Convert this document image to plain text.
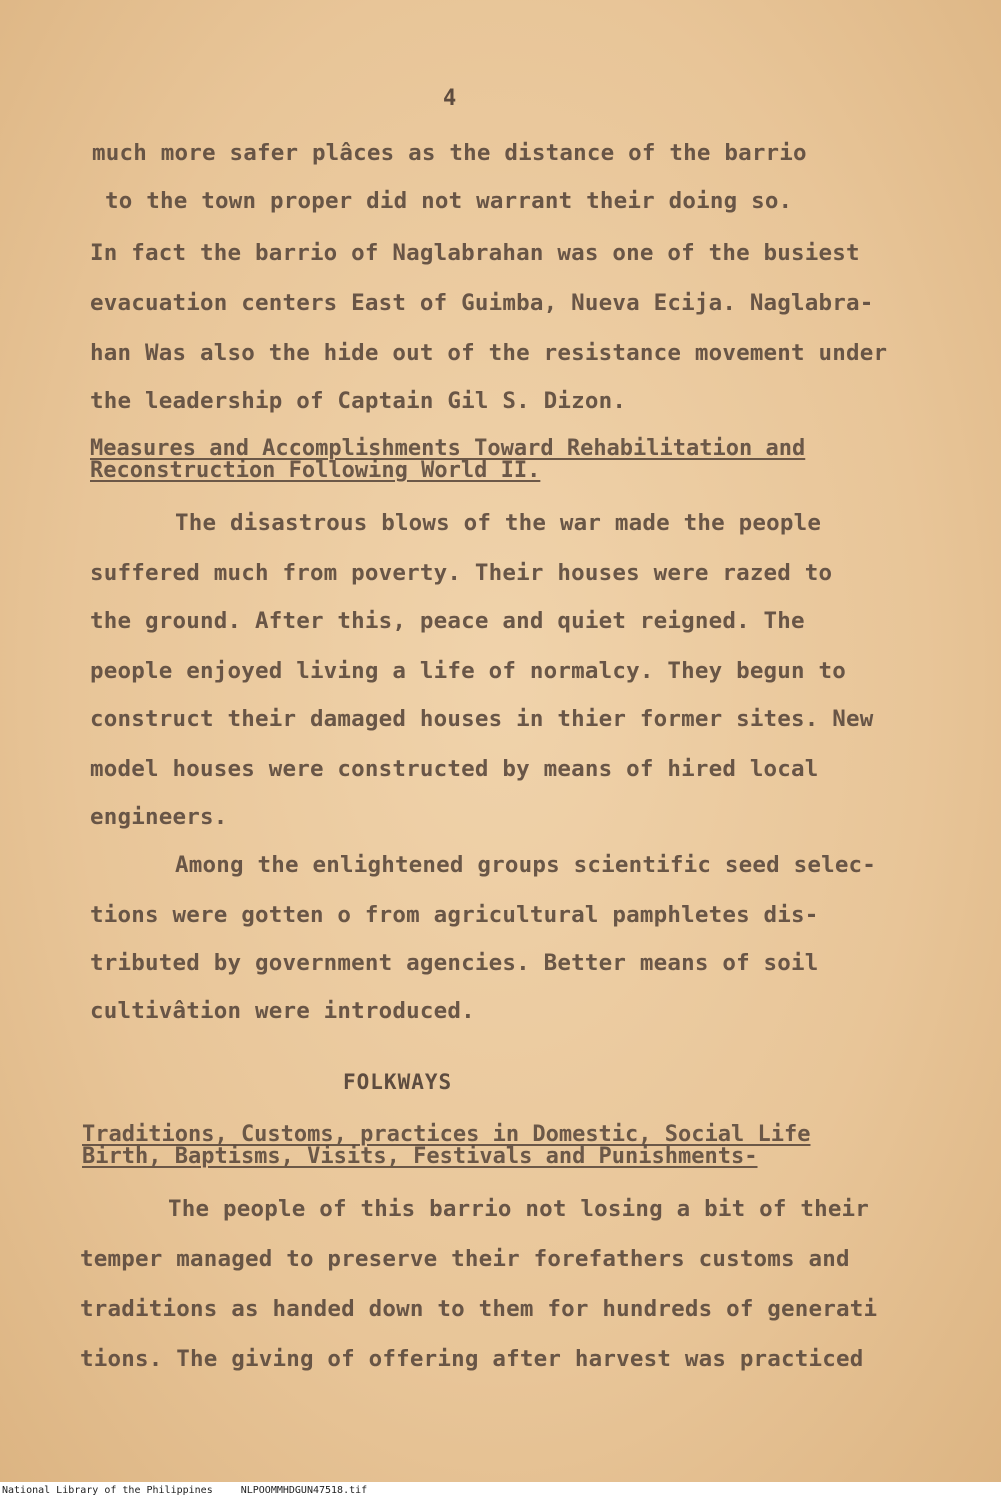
4
much more safer plâces as the distance of the barrio
to the town proper did not warrant their doing so.
In fact the barrio of Naglabrahan was one of the busiest
evacuation centers East of Guimba, Nueva Ecija. Naglabra-
han Was also the hide out of the resistance movement under
the leadership of Captain Gil S. Dizon.
Measures and Accomplishments Toward Rehabilitation and
Reconstruction Following World II.
The disastrous blows of the war made the people
suffered much from poverty. Their houses were razed to
the ground. After this, peace and quiet reigned. The
people enjoyed living a life of normalcy. They begun to
construct their damaged houses in thier former sites. New
model houses were constructed by means of hired local
engineers.
Among the enlightened groups scientific seed selec-
tions were gotten o from agricultural pamphletes dis-
tributed by government agencies. Better means of soil
cultivâtion were introduced.
FOLKWAYS
Traditions, Customs, practices in Domestic, Social Life
Birth, Baptisms, Visits, Festivals and Punishments-
The people of this barrio not losing a bit of their
temper managed to preserve their forefathers customs and
traditions as handed down to them for hundreds of generati
tions. The giving of offering after harvest was practiced
National Library of the Philippines	NLPOOMMHDGUN47518.tif
